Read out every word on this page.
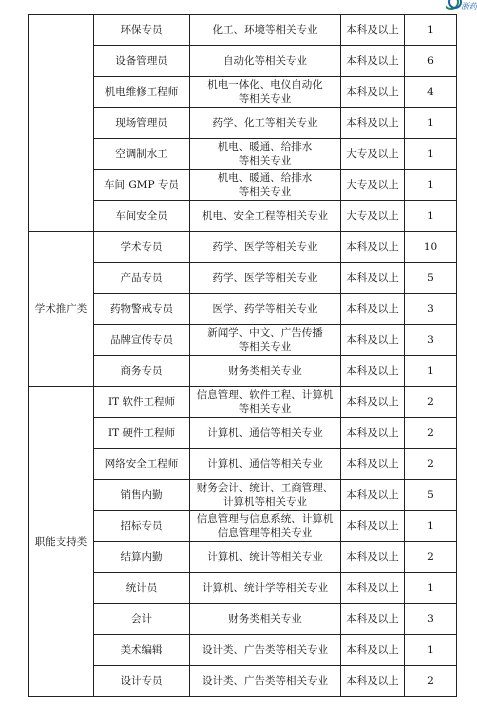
浙药
	环保专员	化工、环境等相关专业	本科及以上	1
	设备管理员	自动化等相关专业	本科及以上	6
	机电维修工程师	机电一体化、电仪自动化
等相关专业	本科及以上	4
	现场管理员	药学、化工等相关专业	本科及以上	1
	空调制水工	机电、暖通、给排水
等相关专业	大专及以上	1
	车间 GMP 专员	机电、暖通、给排水
等相关专业	大专及以上	1
	车间安全员	机电、安全工程等相关专业	大专及以上	1
学术推广类	学术专员	药学、医学等相关专业	本科及以上	10
	产品专员	药学、医学等相关专业	本科及以上	5
	药物警戒专员	医学、药学等相关专业	本科及以上	3
	品牌宣传专员	新闻学、中文、广告传播
等相关专业	本科及以上	3
	商务专员	财务类相关专业	本科及以上	1
职能支持类	IT 软件工程师	信息管理、软件工程、计算机
等相关专业	本科及以上	2
	IT 硬件工程师	计算机、通信等相关专业	本科及以上	2
	网络安全工程师	计算机、通信等相关专业	本科及以上	2
	销售内勤	财务会计、统计、工商管理、
计算机等相关专业	本科及以上	5
	招标专员	信息管理与信息系统、计算机
信息管理等相关专业	本科及以上	1
	结算内勤	计算机、统计等相关专业	本科及以上	2
	统计员	计算机、统计学等相关专业	本科及以上	1
	会计	财务类相关专业	本科及以上	3
	美术编辑	设计类、广告类等相关专业	本科及以上	1
	设计专员	设计类、广告类等相关专业	本科及以上	2
